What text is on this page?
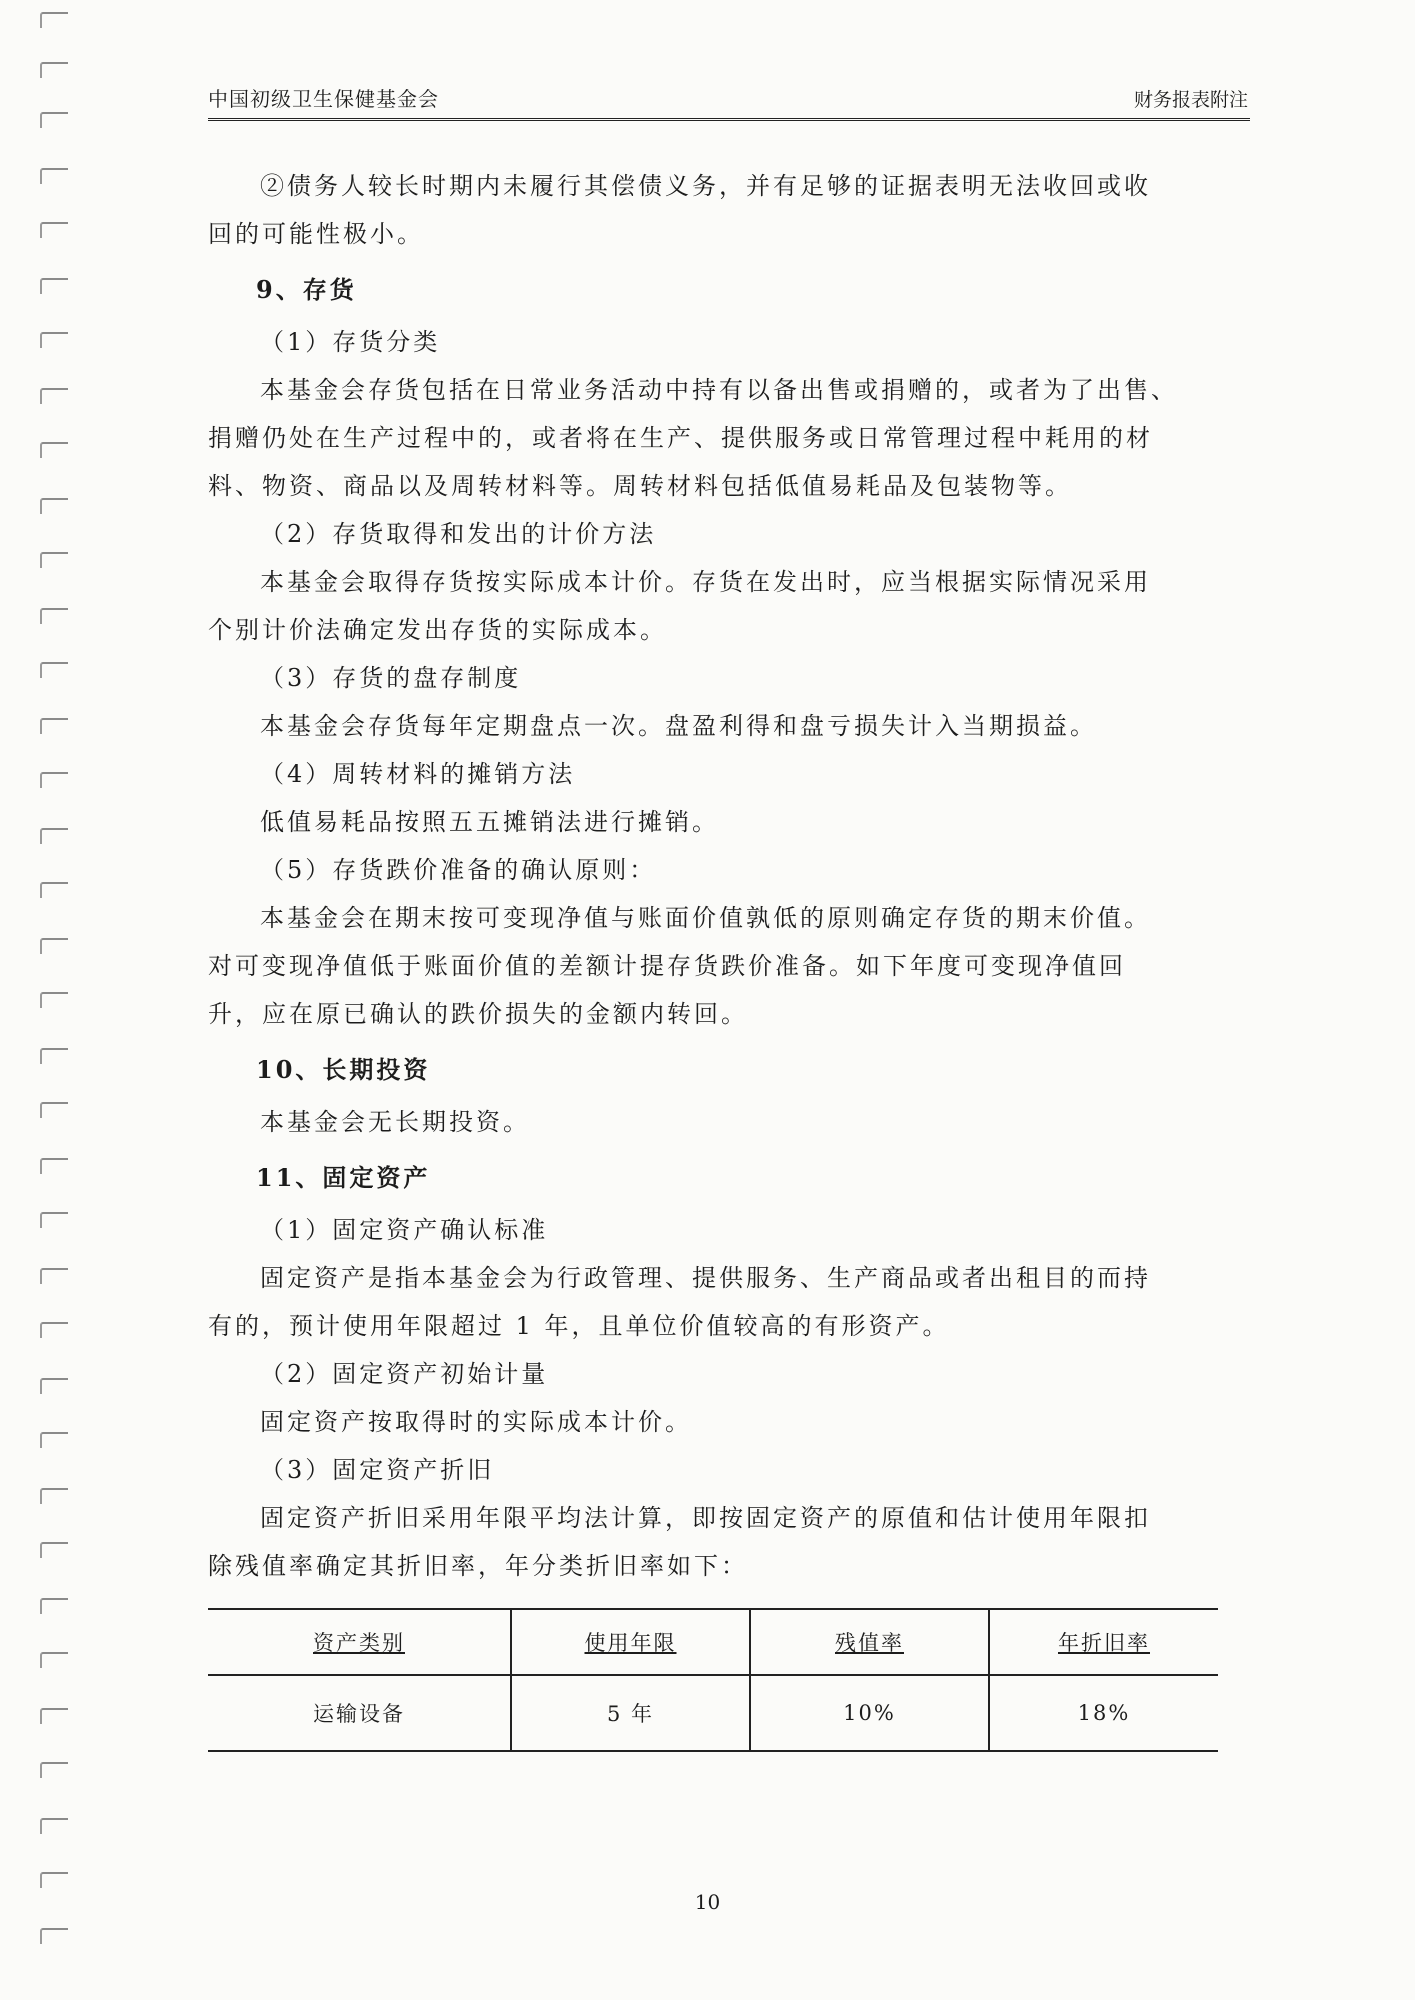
中国初级卫生保健基金会	财务报表附注

②债务人较长时期内未履行其偿债义务，并有足够的证据表明无法收回或收

回的可能性极小。

9、存货

（1）存货分类

本基金会存货包括在日常业务活动中持有以备出售或捐赠的，或者为了出售、

捐赠仍处在生产过程中的，或者将在生产、提供服务或日常管理过程中耗用的材

料、物资、商品以及周转材料等。周转材料包括低值易耗品及包装物等。

（2）存货取得和发出的计价方法

本基金会取得存货按实际成本计价。存货在发出时，应当根据实际情况采用

个别计价法确定发出存货的实际成本。

（3）存货的盘存制度

本基金会存货每年定期盘点一次。盘盈利得和盘亏损失计入当期损益。

（4）周转材料的摊销方法

低值易耗品按照五五摊销法进行摊销。

（5）存货跌价准备的确认原则：

本基金会在期末按可变现净值与账面价值孰低的原则确定存货的期末价值。

对可变现净值低于账面价值的差额计提存货跌价准备。如下年度可变现净值回

升，应在原已确认的跌价损失的金额内转回。

10、长期投资

本基金会无长期投资。

11、固定资产

（1）固定资产确认标准

固定资产是指本基金会为行政管理、提供服务、生产商品或者出租目的而持

有的，预计使用年限超过 1 年，且单位价值较高的有形资产。

（2）固定资产初始计量

固定资产按取得时的实际成本计价。

（3）固定资产折旧

固定资产折旧采用年限平均法计算，即按固定资产的原值和估计使用年限扣

除残值率确定其折旧率，年分类折旧率如下：

资产类别	使用年限	残值率	年折旧率
运输设备	5 年	10%	18%
10
